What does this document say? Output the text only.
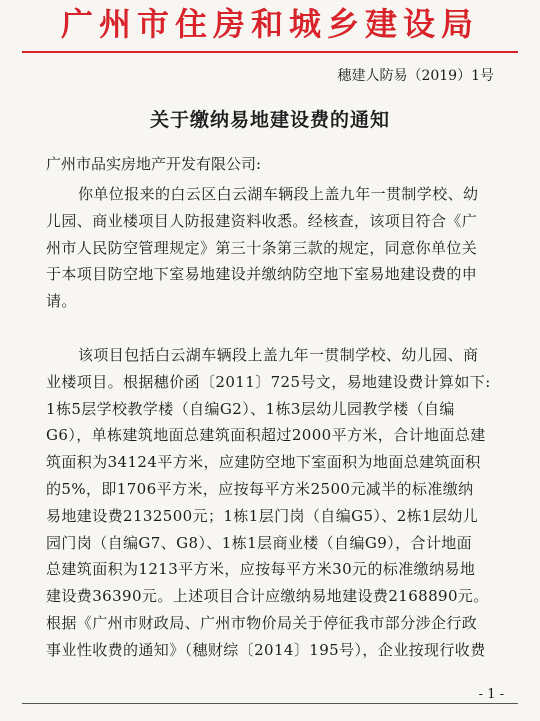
广州市住房和城乡建设局
穗建人防易（2019）1号
关于缴纳易地建设费的通知
广州市品实房地产开发有限公司:
你单位报来的白云区白云湖车辆段上盖九年一贯制学校、幼
儿园、商业楼项目人防报建资料收悉。经核查，该项目符合《广
州市人民防空管理规定》第三十条第三款的规定，同意你单位关
于本项目防空地下室易地建设并缴纳防空地下室易地建设费的申
请。
该项目包括白云湖车辆段上盖九年一贯制学校、幼儿园、商
业楼项目。根据穗价函〔2011〕725号文，易地建设费计算如下:
1栋5层学校教学楼（自编G2）、1栋3层幼儿园教学楼（自编
G6），单栋建筑地面总建筑面积超过2000平方米，合计地面总建
筑面积为34124平方米，应建防空地下室面积为地面总建筑面积
的5%，即1706平方米，应按每平方米2500元减半的标准缴纳
易地建设费2132500元；1栋1层门岗（自编G5）、2栋1层幼儿
园门岗（自编G7、G8）、1栋1层商业楼（自编G9），合计地面
总建筑面积为1213平方米，应按每平方米30元的标准缴纳易地
建设费36390元。上述项目合计应缴纳易地建设费2168890元。
根据《广州市财政局、广州市物价局关于停征我市部分涉企行政
事业性收费的通知》（穗财综〔2014〕195号），企业按现行收费
- 1 -
